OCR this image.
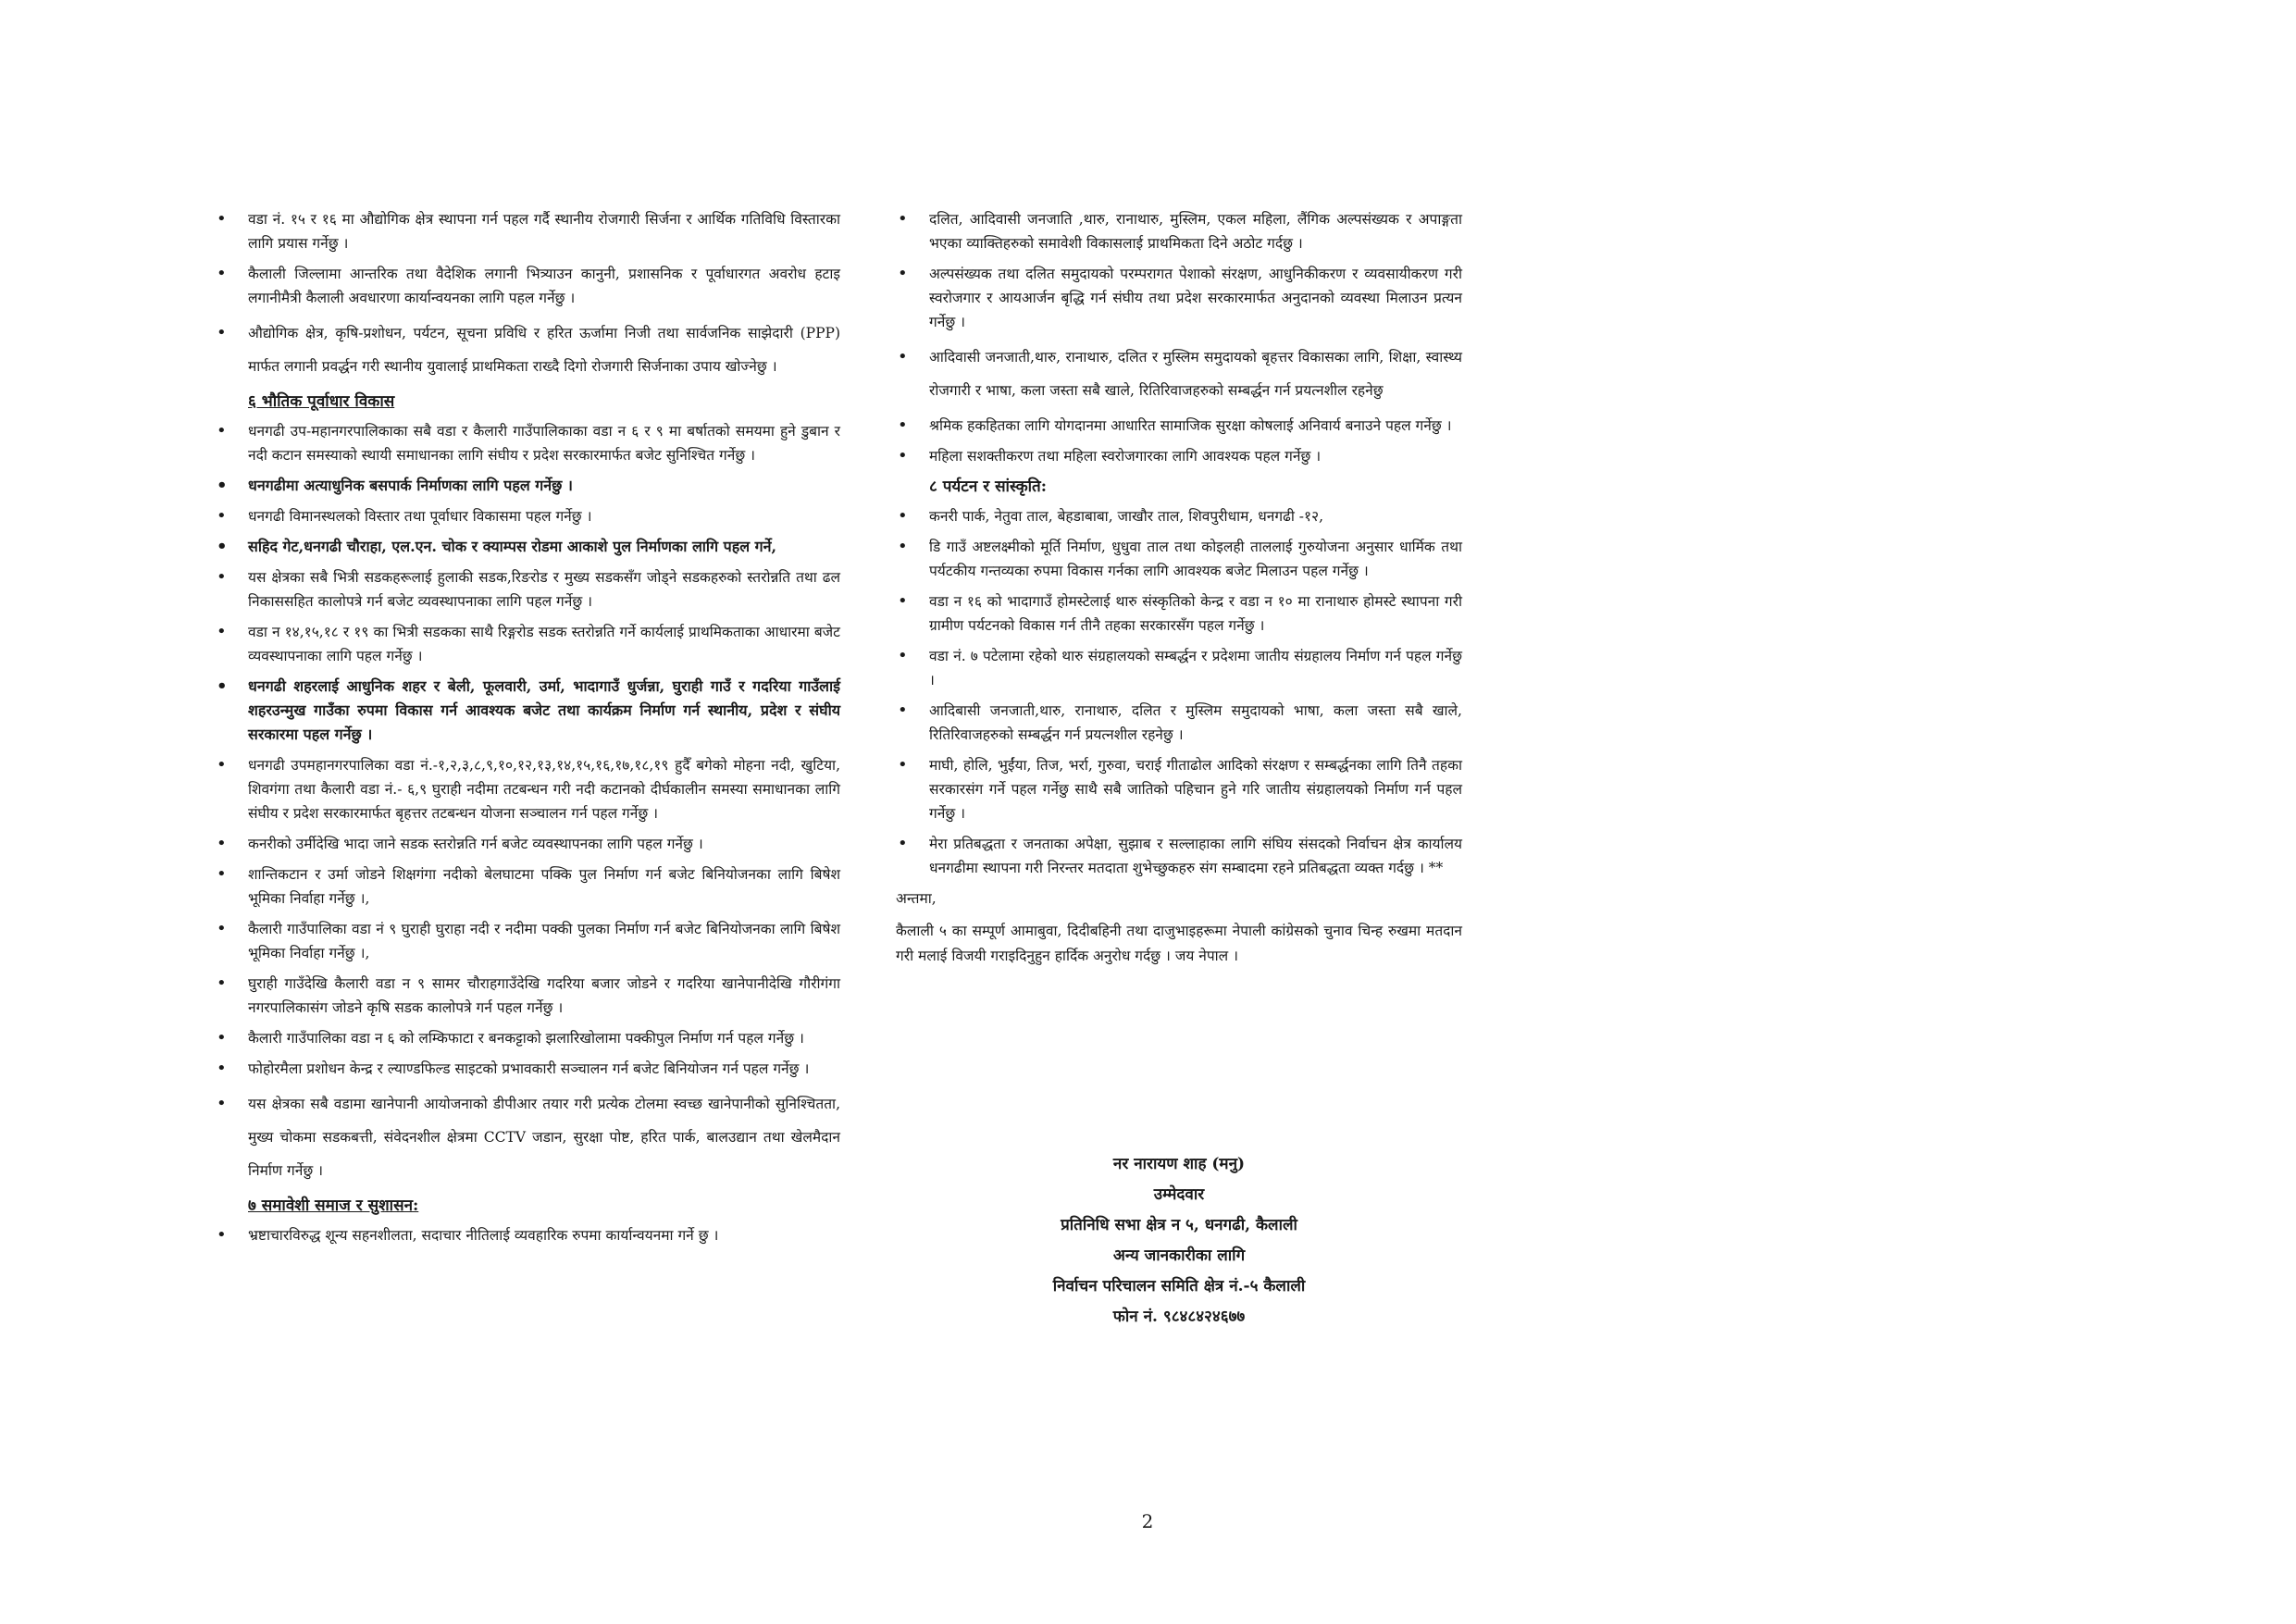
• वडा नं. १५ र १६ मा औद्योगिक क्षेत्र स्थापना गर्न पहल गर्दै स्थानीय रोजगारी सिर्जना र आर्थिक गतिविधि विस्तारका लागि प्रयास गर्नेछु ।
• कैलाली जिल्लामा आन्तरिक तथा वैदेशिक लगानी भित्र्याउन कानुनी, प्रशासनिक र पूर्वाधारगत अवरोध हटाइ लगानीमैत्री कैलाली अवधारणा कार्यान्वयनका लागि पहल गर्नेछु ।
• औद्योगिक क्षेत्र, कृषि-प्रशोधन, पर्यटन, सूचना प्रविधि र हरित ऊर्जामा निजी तथा सार्वजनिक साझेदारी (PPP) मार्फत लगानी प्रवर्द्धन गरी स्थानीय युवालाई प्राथमिकता राख्दै दिगो रोजगारी सिर्जनाका उपाय खोज्नेछु ।
६ भौतिक पूर्वाधार विकास
• धनगढी उप-महानगरपालिकाका सबै वडा र कैलारी गाउँपालिकाका वडा न ६ र ९ मा बर्षातको समयमा हुने डुबान र नदी कटान समस्याको स्थायी समाधानका लागि संघीय र प्रदेश सरकारमार्फत बजेट सुनिश्चित गर्नेछु ।
• धनगढीमा अत्याधुनिक बसपार्क निर्माणका लागि पहल गर्नेछु ।
• धनगढी विमानस्थलको विस्तार तथा पूर्वाधार विकासमा पहल गर्नेछु ।
• सहिद गेट,धनगढी चौराहा, एल.एन. चोक र क्याम्पस रोडमा आकाशे पुल निर्माणका लागि पहल गर्ने,
• यस क्षेत्रका सबै भित्री सडकहरूलाई हुलाकी सडक,रिङरोड र मुख्य सडकसँग जोड्ने सडकहरुको स्तरोन्नति तथा ढल निकाससहित कालोपत्रे गर्न बजेट व्यवस्थापनाका लागि पहल गर्नेछु ।
• वडा न १४,१५,१८ र १९ का भित्री सडकका साथै रिङ्गरोड सडक स्तरोन्नति गर्ने कार्यलाई प्राथमिकताका आधारमा बजेट व्यवस्थापनाका लागि पहल गर्नेछु ।
• धनगढी शहरलाई आधुनिक शहर र बेली, फूलवारी, उर्मा, भादागाउँ धुर्जन्ना, घुराही गाउँ र गदरिया गाउँलाई शहरउन्मुख गाउँका रुपमा विकास गर्न आवश्यक बजेट तथा कार्यक्रम निर्माण गर्न स्थानीय, प्रदेश र संघीय सरकारमा पहल गर्नेछु ।
• धनगढी उपमहानगरपालिका वडा नं.-१,२,३,८,९,१०,१२,१३,१४,१५,१६,१७,१८,१९ हुदैँ बगेको मोहना नदी, खुटिया, शिवगंगा तथा कैलारी वडा नं.- ६,९ घुराही नदीमा तटबन्धन गरी नदी कटानको दीर्घकालीन समस्या समाधानका लागि संघीय र प्रदेश सरकारमार्फत बृहत्तर तटबन्धन योजना सञ्चालन गर्न पहल गर्नेछु ।
• कनरीको उर्मीदेखि भादा जाने सडक स्तरोन्नति गर्न बजेट व्यवस्थापनका लागि पहल गर्नेछु ।
• शान्तिकटान र उर्मा जोडने शिक्षगंगा नदीको बेलघाटमा पक्कि पुल निर्माण गर्न बजेट बिनियोजनका लागि बिषेश भूमिका निर्वाहा गर्नेछु ।,
• कैलारी गाउँपालिका वडा नं ९ घुराही घुराहा नदी र नदीमा पक्की पुलका निर्माण गर्न बजेट बिनियोजनका लागि बिषेश भूमिका निर्वाहा गर्नेछु ।,
• घुराही गाउँदेखि कैलारी वडा न ९ सामर चौराहगाउँदेखि गदरिया बजार जोडने र गदरिया खानेपानीदेखि गौरीगंगा नगरपालिकासंग जोडने कृषि सडक कालोपत्रे गर्न पहल गर्नेछु ।
• कैलारी गाउँपालिका वडा न ६ को लम्किफाटा र बनकट्टाको झलारिखोलामा पक्कीपुल निर्माण गर्न पहल गर्नेछु ।
• फोहोरमैला प्रशोधन केन्द्र र ल्याण्डफिल्ड साइटको प्रभावकारी सञ्चालन गर्न बजेट बिनियोजन गर्न पहल गर्नेछु ।
• यस क्षेत्रका सबै वडामा खानेपानी आयोजनाको डीपीआर तयार गरी प्रत्येक टोलमा स्वच्छ खानेपानीको सुनिश्चितता, मुख्य चोकमा सडकबत्ती, संवेदनशील क्षेत्रमा CCTV जडान, सुरक्षा पोष्ट, हरित पार्क, बालउद्यान तथा खेलमैदान निर्माण गर्नेछु ।
७ समावेशी समाज र सुशासन:
• भ्रष्टाचारविरुद्ध शून्य सहनशीलता, सदाचार नीतिलाई व्यवहारिक रुपमा कार्यान्वयनमा गर्ने छु ।
• दलित, आदिवासी जनजाति ,थारु, रानाथारु, मुस्लिम, एकल महिला, लैंगिक अल्पसंख्यक र अपाङ्गता भएका व्याक्तिहरुको समावेशी विकासलाई प्राथमिकता दिने अठोट गर्दछु ।
• अल्पसंख्यक तथा दलित समुदायको परम्परागत पेशाको संरक्षण, आधुनिकीकरण र व्यवसायीकरण गरी स्वरोजगार र आयआर्जन बृद्धि गर्न संघीय तथा प्रदेश सरकारमार्फत अनुदानको व्यवस्था मिलाउन प्रत्यन गर्नेछु ।
• आदिवासी जनजाती,थारु, रानाथारु, दलित र मुस्लिम समुदायको बृहत्तर विकासका लागि, शिक्षा, स्वास्थ्य रोजगारी र भाषा, कला जस्ता सबै खाले, रितिरिवाजहरुको सम्बर्द्धन गर्न प्रयत्नशील रहनेछु
• श्रमिक हकहितका लागि योगदानमा आधारित सामाजिक सुरक्षा कोषलाई अनिवार्य बनाउने पहल गर्नेछु ।
• महिला सशक्तीकरण तथा महिला स्वरोजगारका लागि आवश्यक पहल गर्नेछु ।
८ पर्यटन र सांस्कृति:
• कनरी पार्क, नेतुवा ताल, बेहडाबाबा, जाखौर ताल, शिवपुरीधाम, धनगढी -१२,
• डि गाउँ अष्टलक्ष्मीको मूर्ति निर्माण, धुधुवा ताल तथा कोइलही ताललाई गुरुयोजना अनुसार धार्मिक तथा पर्यटकीय गन्तव्यका रुपमा विकास गर्नका लागि आवश्यक बजेट मिलाउन पहल गर्नेछु ।
• वडा न १६ को भादागाउँ होमस्टेलाई थारु संस्कृतिको केन्द्र र वडा न १० मा रानाथारु होमस्टे स्थापना गरी ग्रामीण पर्यटनको विकास गर्न तीनै तहका सरकारसँग पहल गर्नेछु ।
• वडा नं. ७ पटेलामा रहेको थारु संग्रहालयको सम्बर्द्धन र प्रदेशमा जातीय संग्रहालय निर्माण गर्न पहल गर्नेछु ।
• आदिबासी जनजाती,थारु, रानाथारु, दलित र मुस्लिम समुदायको भाषा, कला जस्ता सबै खाले, रितिरिवाजहरुको सम्बर्द्धन गर्न प्रयत्नशील रहनेछु ।
• माघी, होलि, भुईंया, तिज, भर्रा, गुरुवा, चराई गीताढोल आदिको संरक्षण र सम्बर्द्धनका लागि तिनै तहका सरकारसंग गर्ने पहल गर्नेछु साथै सबै जातिको पहिचान हुने गरि जातीय संग्रहालयको निर्माण गर्न पहल गर्नेछु ।
• मेरा प्रतिबद्धता र जनताका अपेक्षा, सुझाब र सल्लाहाका लागि संघिय संसदको निर्वाचन क्षेत्र कार्यालय धनगढीमा स्थापना गरी निरन्तर मतदाता शुभेच्छुकहरु संग सम्बादमा रहने प्रतिबद्धता व्यक्त गर्दछु । **
अन्तमा,
कैलाली ५ का सम्पूर्ण आमाबुवा, दिदीबहिनी तथा दाजुभाइहरूमा नेपाली कांग्रेसको चुनाव चिन्ह रुखमा मतदान गरी मलाई विजयी गराइदिनुहुन हार्दिक अनुरोध गर्दछु । जय नेपाल ।
नर नारायण शाह (मनु)
उम्मेदवार
प्रतिनिधि सभा क्षेत्र न ५, धनगढी, कैलाली
अन्य जानकारीका लागि
निर्वाचन परिचालन समिति क्षेत्र नं.-५ कैलाली
फोन नं. ९८४८४२४६७७
2
